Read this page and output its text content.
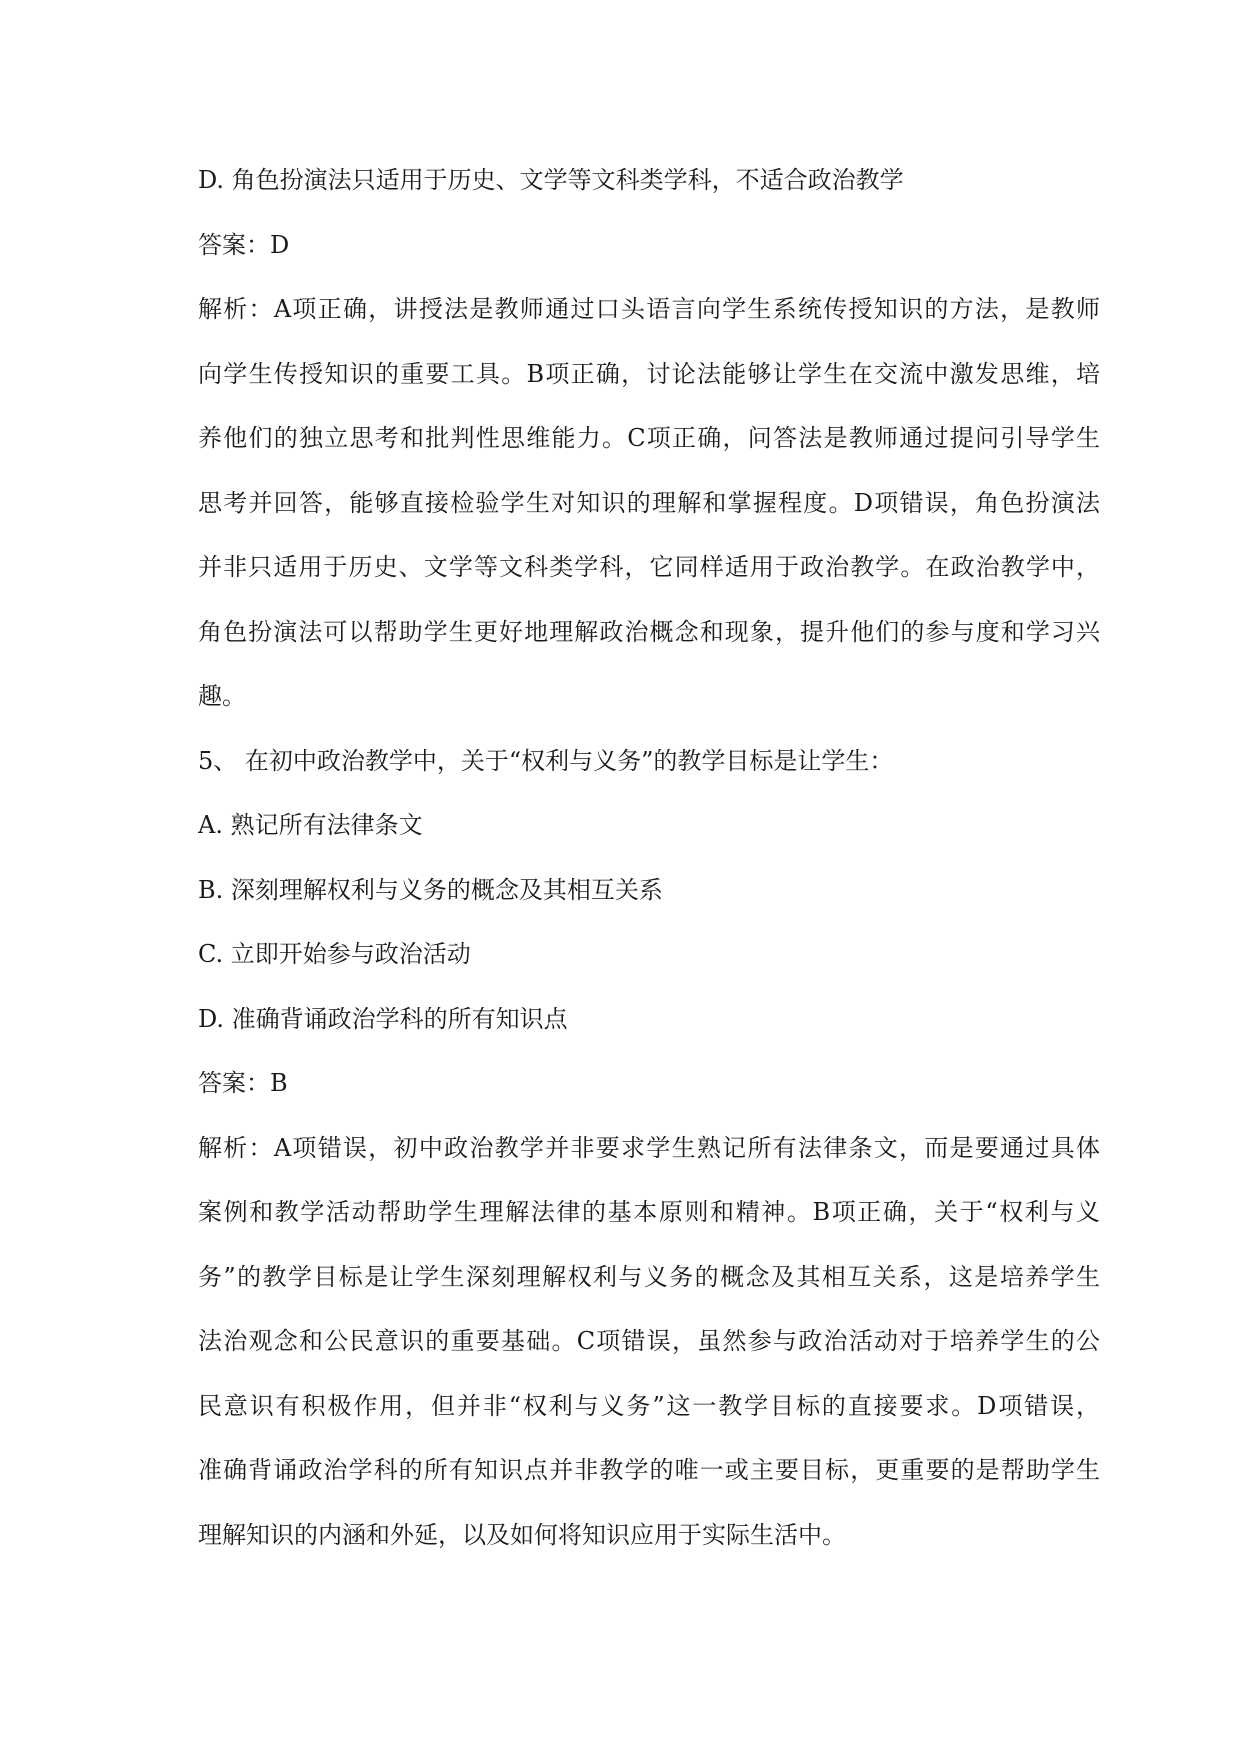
D. 角色扮演法只适用于历史、文学等文科类学科，不适合政治教学
答案：D
解析：A项正确，讲授法是教师通过口头语言向学生系统传授知识的方法，是教师
向学生传授知识的重要工具。B项正确，讨论法能够让学生在交流中激发思维，培
养他们的独立思考和批判性思维能力。C项正确，问答法是教师通过提问引导学生
思考并回答，能够直接检验学生对知识的理解和掌握程度。D项错误，角色扮演法
并非只适用于历史、文学等文科类学科，它同样适用于政治教学。在政治教学中，
角色扮演法可以帮助学生更好地理解政治概念和现象，提升他们的参与度和学习兴
趣。
5、 在初中政治教学中，关于“权利与义务”的教学目标是让学生：
A. 熟记所有法律条文
B. 深刻理解权利与义务的概念及其相互关系
C. 立即开始参与政治活动
D. 准确背诵政治学科的所有知识点
答案：B
解析：A项错误，初中政治教学并非要求学生熟记所有法律条文，而是要通过具体
案例和教学活动帮助学生理解法律的基本原则和精神。B项正确，关于“权利与义
务”的教学目标是让学生深刻理解权利与义务的概念及其相互关系，这是培养学生
法治观念和公民意识的重要基础。C项错误，虽然参与政治活动对于培养学生的公
民意识有积极作用，但并非“权利与义务”这一教学目标的直接要求。D项错误，
准确背诵政治学科的所有知识点并非教学的唯一或主要目标，更重要的是帮助学生
理解知识的内涵和外延，以及如何将知识应用于实际生活中。
